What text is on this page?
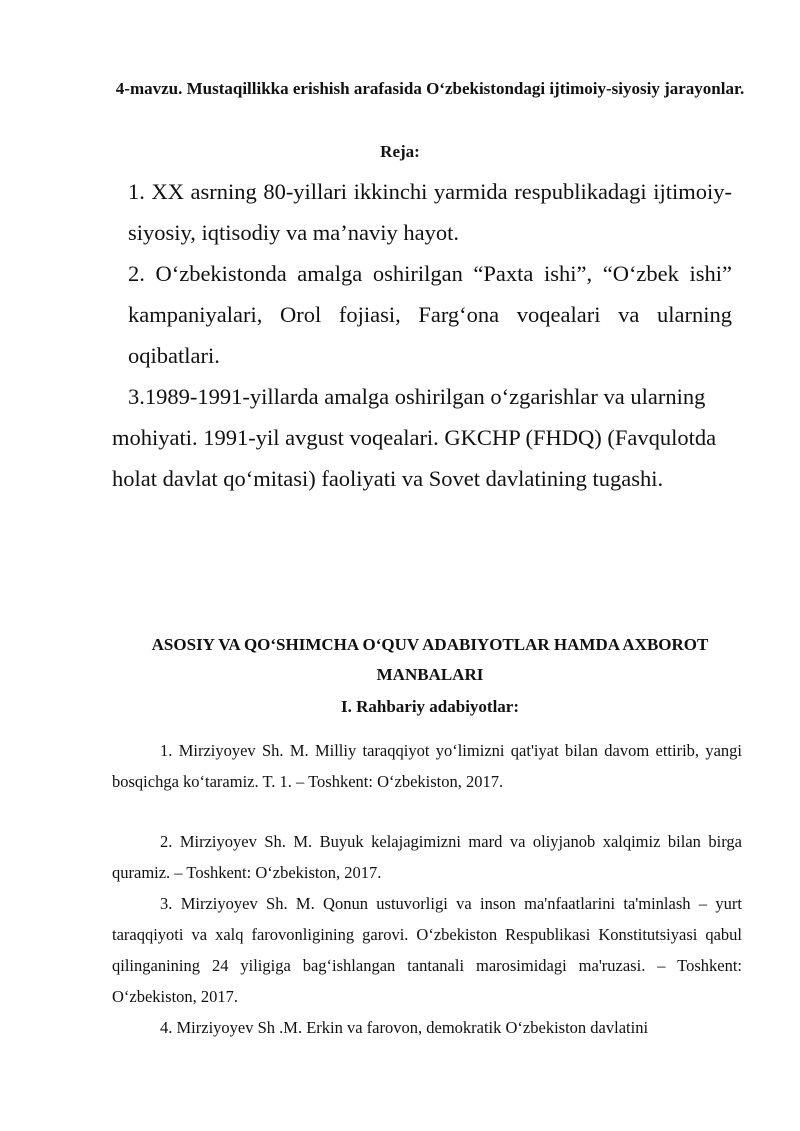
4-mavzu. Mustaqillikka erishish arafasida O‘zbekistondagi ijtimoiy-siyosiy jarayonlar.
Reja:
1. XX asrning 80-yillari ikkinchi yarmida respublikadagi ijtimoiy-siyosiy, iqtisodiy va ma’naviy hayot.
2. O‘zbekistonda amalga oshirilgan “Paxta ishi”, “O‘zbek ishi” kampaniyalari, Orol fojiasi, Farg‘ona voqealari va ularning oqibatlari.
3.1989-1991-yillarda amalga oshirilgan o‘zgarishlar va ularning mohiyati. 1991-yil avgust voqealari. GKCHP (FHDQ) (Favqulotda holat davlat qo‘mitasi) faoliyati va Sovet davlatining tugashi.
ASOSIY VA QO‘SHIMCHA O‘QUV ADABIYOTLAR HAMDA AXBOROT MANBALARI
I. Rahbariy adabiyotlar:
1. Mirziyoyev Sh. M. Milliy taraqqiyot yo‘limizni qat'iyat bilan davom ettirib, yangi bosqichga ko‘taramiz. T. 1. – Toshkent: O‘zbekiston, 2017.
2. Mirziyoyev Sh. M. Buyuk kelajagimizni mard va oliyjanob xalqimiz bilan birga quramiz. – Toshkent: O‘zbekiston, 2017.
3. Mirziyoyev Sh. M. Qonun ustuvorligi va inson ma'nfaatlarini ta'minlash – yurt taraqqiyoti va xalq farovonligining garovi. O‘zbekiston Respublikasi Konstitutsiyasi qabul qilinganining 24 yiligiga bag‘ishlangan tantanali marosimidagi ma'ruzasi. – Toshkent: O‘zbekiston, 2017.
4. Mirziyoyev Sh .M. Erkin va farovon, demokratik O‘zbekiston davlatini
